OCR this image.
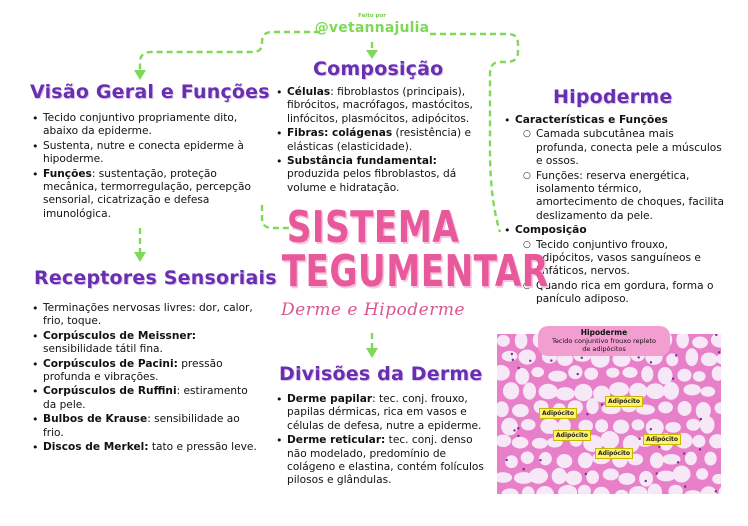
Feito por
@vetannajulia
Visão Geral e Funções
• Tecido conjuntivo propriamente dito, abaixo da epiderme.
• Sustenta, nutre e conecta epiderme à hipoderme.
• Funções: sustentação, proteção mecânica, termorregulação, percepção sensorial, cicatrização e defesa imunológica.
Composição
• Células: fibroblastos (principais), fibrócitos, macrófagos, mastócitos, linfócitos, plasmócitos, adipócitos.
• Fibras: colágenas (resistência) e elásticas (elasticidade).
• Substância fundamental: produzida pelos fibroblastos, dá volume e hidratação.
Hipoderme
• Características e Funções
○ Camada subcutânea mais profunda, conecta pele a músculos e ossos.
○ Funções: reserva energética, isolamento térmico, amortecimento de choques, facilita deslizamento da pele.
• Composição
○ Tecido conjuntivo frouxo, adipócitos, vasos sanguíneos e linfáticos, nervos.
○ Quando rica em gordura, forma o panículo adiposo.
SISTEMA
TEGUMENTAR
Derme e Hipoderme
Receptores Sensoriais
• Terminações nervosas livres: dor, calor, frio, toque.
• Corpúsculos de Meissner: sensibilidade tátil fina.
• Corpúsculos de Pacini: pressão profunda e vibrações.
• Corpúsculos de Ruffini: estiramento da pele.
• Bulbos de Krause: sensibilidade ao frio.
• Discos de Merkel: tato e pressão leve.
Divisões da Derme
• Derme papilar: tec. conj. frouxo, papilas dérmicas, rica em vasos e células de defesa, nutre a epiderme.
• Derme reticular: tec. conj. denso não modelado, predomínio de colágeno e elastina, contém folículos pilosos e glândulas.
Adipócito
Adipócito
Adipócito
Adipócito
Adipócito
Hipoderme
Tecido conjuntivo frouxo repleto de adipócitos
